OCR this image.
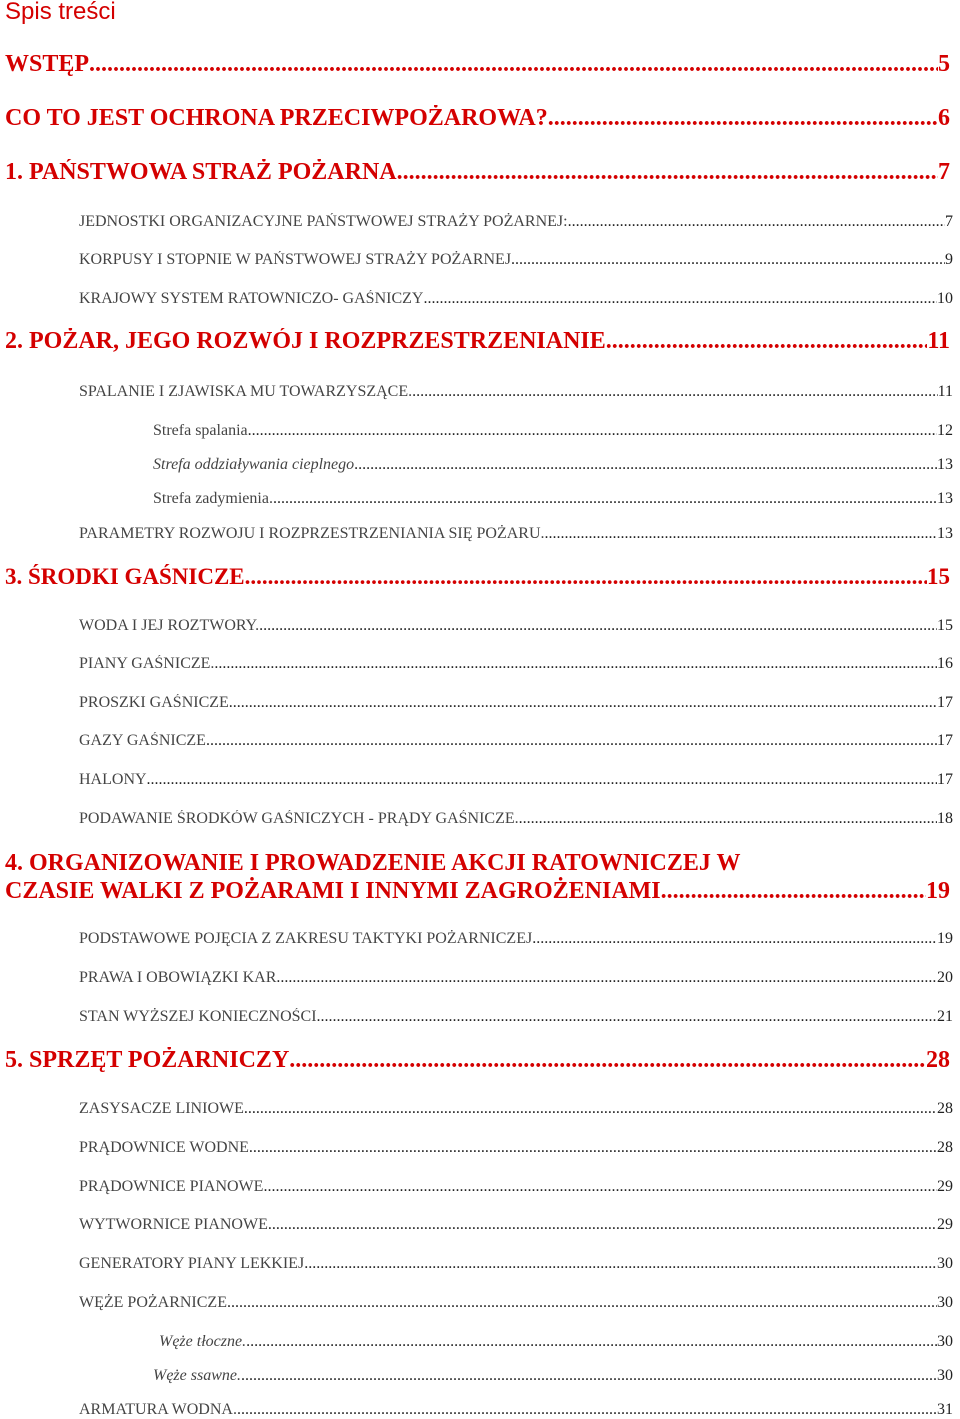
Spis treści
WSTĘP .....	5
CO TO JEST OCHRONA PRZECIWPOŻAROWA? .....	6
1. PAŃSTWOWA STRAŻ POŻARNA .....	7
JEDNOSTKI ORGANIZACYJNE PAŃSTWOWEJ STRAŻY POŻARNEJ: .....	7
KORPUSY I STOPNIE W PAŃSTWOWEJ STRAŻY POŻARNEJ .....	9
KRAJOWY SYSTEM RATOWNICZO- GAŚNICZY .....	10
2. POŻAR, JEGO ROZWÓJ I ROZPRZESTRZENIANIE .....	11
SPALANIE I ZJAWISKA MU TOWARZYSZĄCE. .....	11
Strefa spalania .....	12
Strefa oddziaływania cieplnego .....	13
Strefa zadymienia. .....	13
PARAMETRY ROZWOJU I ROZPRZESTRZENIANIA SIĘ POŻARU. .....	13
3. ŚRODKI GAŚNICZE .....	15
WODA I JEJ ROZTWORY. .....	15
PIANY GAŚNICZE. .....	16
PROSZKI GAŚNICZE .....	17
GAZY GAŚNICZE .....	17
HALONY .....	17
PODAWANIE ŚRODKÓW GAŚNICZYCH - PRĄDY GAŚNICZE. .....	18
4. ORGANIZOWANIE I PROWADZENIE AKCJI RATOWNICZEJ W
CZASIE WALKI Z POŻARAMI I INNYMI ZAGROŻENIAMI. .....	19
PODSTAWOWE POJĘCIA Z ZAKRESU TAKTYKI POŻARNICZEJ .....	19
PRAWA I OBOWIĄZKI KAR .....	20
STAN WYŻSZEJ KONIECZNOŚCI .....	21
5. SPRZĘT POŻARNICZY .....	28
ZASYSACZE LINIOWE .....	28
PRĄDOWNICE WODNE .....	28
PRĄDOWNICE PIANOWE .....	29
WYTWORNICE PIANOWE .....	29
GENERATORY PIANY LEKKIEJ .....	30
WĘŻE POŻARNICZE .....	30
Węże tłoczne. .....	30
Węże ssawne. .....	30
ARMATURA WODNA. .....	31
